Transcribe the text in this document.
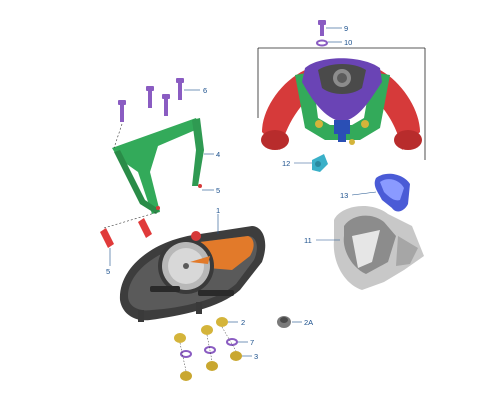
9
10
6
4
5
1
5
2	2A
7
3
12
13
11
